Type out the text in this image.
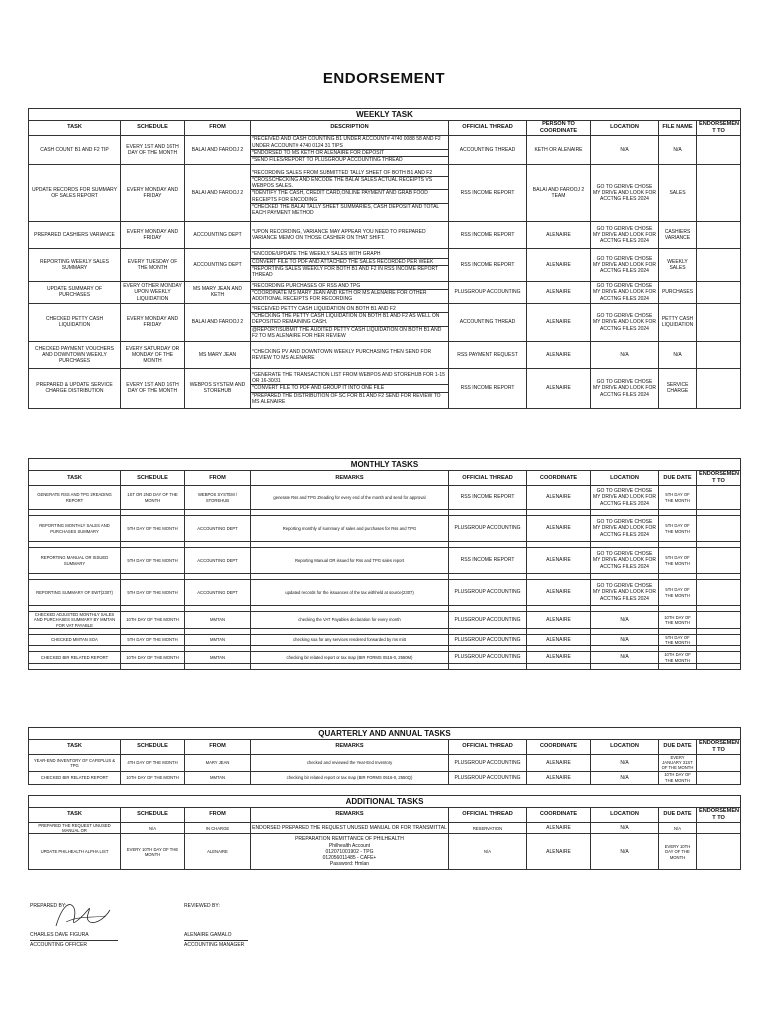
ENDORSEMENT
WEEKLY TASK								
TASK	SCHEDULE	FROM	DESCRIPTION	OFFICIAL THREAD	PERSON TO COORDINATE	LOCATION	FILE NAME	ENDORSEMEN T TO
CASH COUNT B1 AND F2 TIP	EVERY 1ST AND 16TH DAY OF THE MONTH	BALAI AND FAROOJ 2	*RECEIVED AND CASH COUNTING B1 UNDER ACCOUNT# 4740 0088 58 AND F2 UNDER ACCOUNT# 4740 0124 31 TIPS
*ENDORSED TO MS KETH OR ALENAIRE FOR DEPOSIT
*SEND FILES/REPORT TO PLUSGROUP ACCOUNTING THREAD	ACCOUNTING THREAD	KETH OR ALENAIRE	N/A	N/A	
UPDATE RECORDS FOR SUMMARY OF SALES REPORT	EVERY MONDAY AND FRIDAY	BALAI AND FAROOJ 2	*RECORDING SALES FROM SUBMITTED TALLY SHEET OF BOTH B1 AND F2
*CROSSCHECKING AND ENCODE THE BALAI SALES ACTUAL RECEIPTS VS WEBPOS SALES.
*IDENTIFY THE CASH, CREDIT CARD,ONLINE PAYMENT AND GRAB FOOD RECEIPTS FOR ENCODING
*CHECKED THE BALAI TALLY SHEET SUMMARIES, CASH DEPOSIT AND TOTAL EACH PAYMENT METHOD	RSS INCOME REPORT	BALAI AND FAROOJ 2 TEAM	GO TO GDRIVE CHOSE MY DRIVE AND LOOK FOR ACCTNG FILES 2024	SALES	
PREPARED CASHIERS VARIANCE	EVERY MONDAY AND FRIDAY	ACCOUNTING DEPT	*UPON RECORDING, VARIANCE MAY APPEAR YOU NEED TO PREPARED VARIANCE MEMO ON THOSE CASHIER ON THAT SHIFT.	RSS INCOME REPORT	ALENAIRE	GO TO GDRIVE CHOSE MY DRIVE AND LOOK FOR ACCTNG FILES 2024	CASHIERS VARIANCE	
REPORTING WEEKLY SALES SUMMARY	EVERY TUESDAY OF THE MONTH	ACCOUNTING DEPT	*ENCODE/UPDATE THE WEEKLY SALES WITH GRAPH
CONVERT FILE TO PDF AND ATTACHED THE SALES RECORDED PER WEEK
*REPORTING SALES WEEKLY FOR BOTH B1 AND F2 IN RSS INCOME REPORT THREAD	RSS INCOME REPORT	ALENAIRE	GO TO GDRIVE CHOSE MY DRIVE AND LOOK FOR ACCTNG FILES 2024	WEEKLY SALES	
UPDATE SUMMARY OF PURCHASES	EVERY OTHER MONDAY UPON WEEKLY LIQUIDATION	MS MARY JEAN AND KETH	*RECORDING PURCHASES OF RSS AND TPG
*COORDINATE MS MARY JEAN AND KETH OR MS ALENAIRE FOR OTHER ADDITIONAL RECEIPTS FOR RECORDING	PLUSGROUP ACCOUNTING	ALENAIRE	GO TO GDRIVE CHOSE MY DRIVE AND LOOK FOR ACCTNG FILES 2024	PURCHASES	
CHECKED PETTY CASH LIQUIDATION	EVERY MONDAY AND FRIDAY	BALAI AND FAROOJ 2	*RECEIVED PETTY CASH LIQUIDATION ON BOTH B1 AND F2
*CHECKING THE PETTY CASH LIQUIDATION ON BOTH B1 AND F2 AS WELL ON DEPOSITED REMAINING CASH.
@REPORT/SUBMIT THE AUDITED PETTY CASH LIQUIDATION ON BOTH B1 AND F2 TO MS ALENAIRE FOR HER REVIEW	ACCOUNTING THREAD	ALENAIRE	GO TO GDRIVE CHOSE MY DRIVE AND LOOK FOR ACCTNG FILES 2024	PETTY CASH LIQUIDATION	
CHECKED PAYMENT VOUCHERS AND DOWNTOWN WEEKLY PURCHASES	EVERY SATURDAY OR MONDAY OF THE MONTH	MS MARY JEAN	*CHECKING PV AND DOWNTOWN WEEKLY PURCHASING THEN SEND FOR REVIEW TO MS ALENAIRE	RSS PAYMENT REQUEST	ALENAIRE	N/A	N/A	
PREPARED & UPDATE SERVICE CHARGE DISTRIBUTION	EVERY 1ST AND 16TH DAY OF THE MONTH	WEBPOS SYSTEM AND STOREHUB	*GENERATE THE TRANSACTION LIST FROM WEBPOS AND STOREHUB FOR 1-15 OR 16-30/31
*CONVERT FILE TO PDF AND GROUP IT INTO ONE FILE
*PREPARED THE DISTRIBUTION OF SC FOR B1 AND F2 SEND FOR REVIEW TO MS ALENAIRE	RSS INCOME REPORT	ALENAIRE	GO TO GDRIVE CHOSE MY DRIVE AND LOOK FOR ACCTNG FILES 2024	SERVICE CHARGE	
MONTHLY TASKS								
TASK	SCHEDULE	FROM	REMARKS	OFFICIAL THREAD	COORDINATE	LOCATION	DUE DATE	ENDORSEMEN T TO
GENERATE RSS AND TPG 2READING REPORT	1ST OR 2ND DAY OF THE MONTH	WEBPOS SYSTEM / STOREHUB	generate Rss and TPG Zreading for every end of the month and send for approval	RSS INCOME REPORT	ALENAIRE	GO TO GDRIVE CHOSE MY DRIVE AND LOOK FOR ACCTNG FILES 2024	5TH DAY OF THE MONTH	

REPORTING MONTHLY SALES AND PURCHASES SUMMARY	5TH DAY OF THE MONTH	ACCOUNTING DEPT	Reporting monthly of summary of sales and purchases for Rss and TPG	PLUSGROUP ACCOUNTING	ALENAIRE	GO TO GDRIVE CHOSE MY DRIVE AND LOOK FOR ACCTNG FILES 2024	5TH DAY OF THE MONTH	

REPORTING MANUAL OR ISSUED SUMMARY	5TH DAY OF THE MONTH	ACCOUNTING DEPT	Reporting Manual OR issued for Rss and TPG sales report	RSS INCOME REPORT	ALENAIRE	GO TO GDRIVE CHOSE MY DRIVE AND LOOK FOR ACCTNG FILES 2024	5TH DAY OF THE MONTH	

REPORTING SUMMARY OF EWT(2307)	5TH DAY OF THE MONTH	ACCOUNTING DEPT	updated records for the issuances of the tax withheld at source(2307)	PLUSGROUP ACCOUNTING	ALENAIRE	GO TO GDRIVE CHOSE MY DRIVE AND LOOK FOR ACCTNG FILES 2024	5TH DAY OF THE MONTH	

CHECKED ADJUSTED MONTHLY SALES AND PURCHASES SUMMARY BY MMTAN FOR VAT PAYABLE	10TH DAY OF THE MONTH	MMTAN	checking the VAT Payables declaration for every month	PLUSGROUP ACCOUNTING	ALENAIRE	N/A	10TH DAY OF THE MONTH	

CHECKED MMTAN SOA	5TH DAY OF THE MONTH	MMTAN	checking soa for any services rendered forwarded by ms mitt	PLUSGROUP ACCOUNTING	ALENAIRE	N/A	5TH DAY OF THE MONTH	

CHECKED BIR RELATED REPORT	10TH DAY OF THE MONTH	MMTAN	checking bir related report or tax map (BIR FORMS 0516-0, 2550M)	PLUSGROUP ACCOUNTING	ALENAIRE	N/A	10TH DAY OF THE MONTH	

QUARTERLY AND ANNUAL TASKS								
TASK	SCHEDULE	FROM	REMARKS	OFFICIAL THREAD	COORDINATE	LOCATION	DUE DATE	ENDORSEMEN T TO
YEAR-END INVENTORY OF CAFEPLUS & TPG	4TH DAY OF THE MONTH	MARY JEAN	checked and reviewed the Year-End Inventory	PLUSGROUP ACCOUNTING	ALENAIRE	N/A	EVERY JANUARY 31ST OF THE MONTH	
CHECKED BIR RELATED REPORT	10TH DAY OF THE MONTH	MMTAN	checking bir related report or tax map (BIR FORMS 0516-0, 2550Q)	PLUSGROUP ACCOUNTING	ALENAIRE	N/A	10TH DAY OF THE MONTH	
ADDITIONAL TASKS								
TASK	SCHEDULE	FROM	REMARKS	OFFICIAL THREAD	COORDINATE	LOCATION	DUE DATE	ENDORSEMEN T TO
PREPARED THE REQUEST UNUSED MANUAL OR	N/A	IN CHARGE	ENDORSED PREPARED THE REQUEST UNUSED MANUAL OR FOR TRANSMITTAL	RESERVATION	ALENAIRE	N/A	N/A	
UPDATE PHILHEALTH ALPHA LIST	EVERY 10TH DAY OF THE MONTH	ALENAIRE	PREPARATION REMITTANCE OF PHILHEALTH
Philhealth Account
012071001902 - TPG
012056011485 - CAFE+
Password: Hmlan	N/A	ALENAIRE	N/A	EVERY 10TH DAY OF THE MONTH	
PREPARED BY:
CHARLES DAVE FIGURA
ACCOUNTING OFFICER
REVIEWED BY:
ALENAIRE GAMALO
ACCOUNTING MANAGER
